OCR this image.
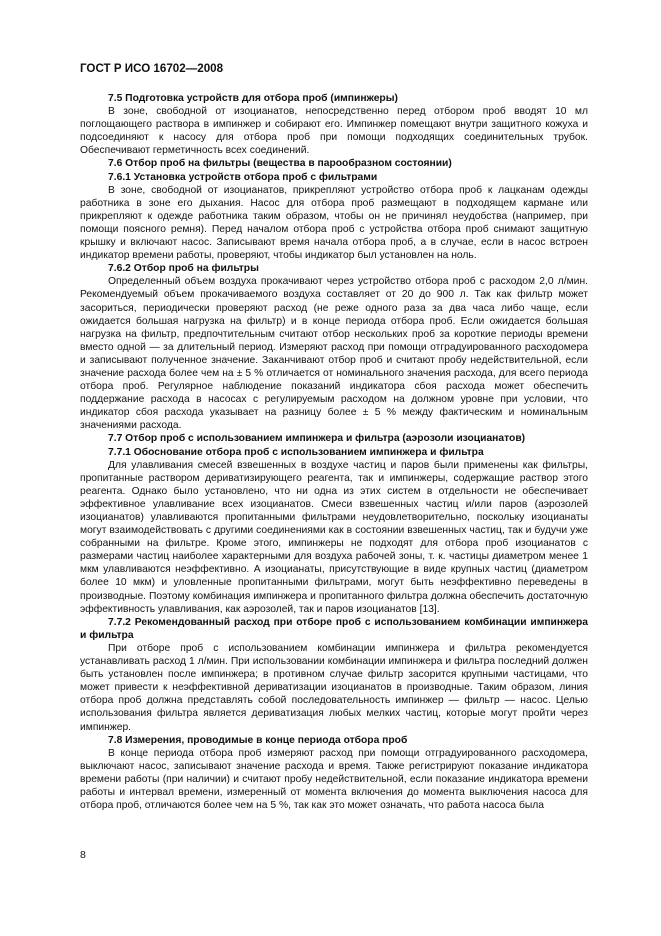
ГОСТ Р ИСО 16702—2008

7.5 Подготовка устройств для отбора проб (импинжеры)

В зоне, свободной от изоцианатов, непосредственно перед отбором проб вводят 10 мл поглощающего раствора в импинжер и собирают его. Импинжер помещают внутри защитного кожуха и подсоединяют к насосу для отбора проб при помощи подходящих соединительных трубок. Обеспечивают герметичность всех соединений.

7.6 Отбор проб на фильтры (вещества в парообразном состоянии)

7.6.1 Установка устройств отбора проб с фильтрами

В зоне, свободной от изоцианатов, прикрепляют устройство отбора проб к лацканам одежды работника в зоне его дыхания. Насос для отбора проб размещают в подходящем кармане или прикрепляют к одежде работника таким образом, чтобы он не причинял неудобства (например, при помощи поясного ремня). Перед началом отбора проб с устройства отбора проб снимают защитную крышку и включают насос. Записывают время начала отбора проб, а в случае, если в насос встроен индикатор времени работы, проверяют, чтобы индикатор был установлен на ноль.

7.6.2 Отбор проб на фильтры

Определенный объем воздуха прокачивают через устройство отбора проб с расходом 2,0 л/мин. Рекомендуемый объем прокачиваемого воздуха составляет от 20 до 900 л. Так как фильтр может засориться, периодически проверяют расход (не реже одного раза за два часа либо чаще, если ожидается большая нагрузка на фильтр) и в конце периода отбора проб. Если ожидается большая нагрузка на фильтр, предпочтительным считают отбор нескольких проб за короткие периоды времени вместо одной — за длительный период. Измеряют расход при помощи отградуированного расходомера и записывают полученное значение. Заканчивают отбор проб и считают пробу недействительной, если значение расхода более чем на ± 5 % отличается от номинального значения расхода, для всего периода отбора проб. Регулярное наблюдение показаний индикатора сбоя расхода может обеспечить поддержание расхода в насосах с регулируемым расходом на должном уровне при условии, что индикатор сбоя расхода указывает на разницу более ± 5 % между фактическим и номинальным значениями расхода.

7.7 Отбор проб с использованием импинжера и фильтра (аэрозоли изоцианатов)

7.7.1 Обоснование отбора проб с использованием импинжера и фильтра

Для улавливания смесей взвешенных в воздухе частиц и паров были применены как фильтры, пропитанные раствором дериватизирующего реагента, так и импинжеры, содержащие раствор этого реагента. Однако было установлено, что ни одна из этих систем в отдельности не обеспечивает эффективное улавливание всех изоцианатов. Смеси взвешенных частиц и/или паров (аэрозолей изоцианатов) улавливаются пропитанными фильтрами неудовлетворительно, поскольку изоцианаты могут взаимодействовать с другими соединениями как в состоянии взвешенных частиц, так и будучи уже собранными на фильтре. Кроме этого, импинжеры не подходят для отбора проб изоцианатов с размерами частиц наиболее характерными для воздуха рабочей зоны, т. к. частицы диаметром менее 1 мкм улавливаются неэффективно. А изоцианаты, присутствующие в виде крупных частиц (диаметром более 10 мкм) и уловленные пропитанными фильтрами, могут быть неэффективно переведены в производные. Поэтому комбинация импинжера и пропитанного фильтра должна обеспечить достаточную эффективность улавливания, как аэрозолей, так и паров изоцианатов [13].

7.7.2 Рекомендованный расход при отборе проб с использованием комбинации импинжера и фильтра

При отборе проб с использованием комбинации импинжера и фильтра рекомендуется устанавливать расход 1 л/мин. При использовании комбинации импинжера и фильтра последний должен быть установлен после импинжера; в противном случае фильтр засорится крупными частицами, что может привести к неэффективной дериватизации изоцианатов в производные. Таким образом, линия отбора проб должна представлять собой последовательность импинжер — фильтр — насос. Целью использования фильтра является дериватизация любых мелких частиц, которые могут пройти через импинжер.

7.8 Измерения, проводимые в конце периода отбора проб

В конце периода отбора проб измеряют расход при помощи отградуированного расходомера, выключают насос, записывают значение расхода и время. Также регистрируют показание индикатора времени работы (при наличии) и считают пробу недействительной, если показание индикатора времени работы и интервал времени, измеренный от момента включения до момента выключения насоса для отбора проб, отличаются более чем на 5 %, так как это может означать, что работа насоса была

8
